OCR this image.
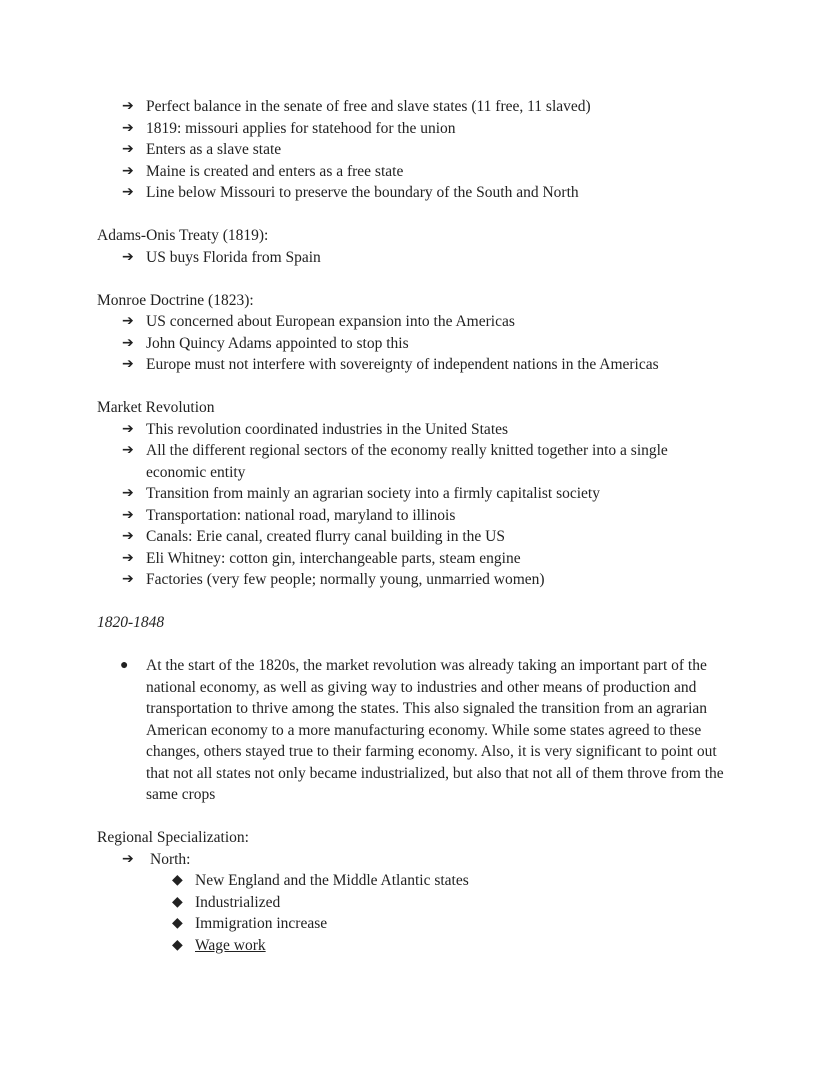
➔ Perfect balance in the senate of free and slave states (11 free, 11 slaved)
➔ 1819: missouri applies for statehood for the union
➔ Enters as a slave state
➔ Maine is created and enters as a free state
➔ Line below Missouri to preserve the boundary of the South and North
Adams-Onis Treaty (1819):
➔ US buys Florida from Spain
Monroe Doctrine (1823):
➔ US concerned about European expansion into the Americas
➔ John Quincy Adams appointed to stop this
➔ Europe must not interfere with sovereignty of independent nations in the Americas
Market Revolution
➔ This revolution coordinated industries in the United States
➔ All the different regional sectors of the economy really knitted together into a single economic entity
➔ Transition from mainly an agrarian society into a firmly capitalist society
➔ Transportation: national road, maryland to illinois
➔ Canals: Erie canal, created flurry canal building in the US
➔ Eli Whitney: cotton gin, interchangeable parts, steam engine
➔ Factories (very few people; normally young, unmarried women)
1820-1848
● At the start of the 1820s, the market revolution was already taking an important part of the national economy, as well as giving way to industries and other means of production and transportation to thrive among the states. This also signaled the transition from an agrarian American economy to a more manufacturing economy. While some states agreed to these changes, others stayed true to their farming economy. Also, it is very significant to point out that not all states not only became industrialized, but also that not all of them throve from the same crops
Regional Specialization:
➔ North:
◆ New England and the Middle Atlantic states
◆ Industrialized
◆ Immigration increase
◆ Wage work
